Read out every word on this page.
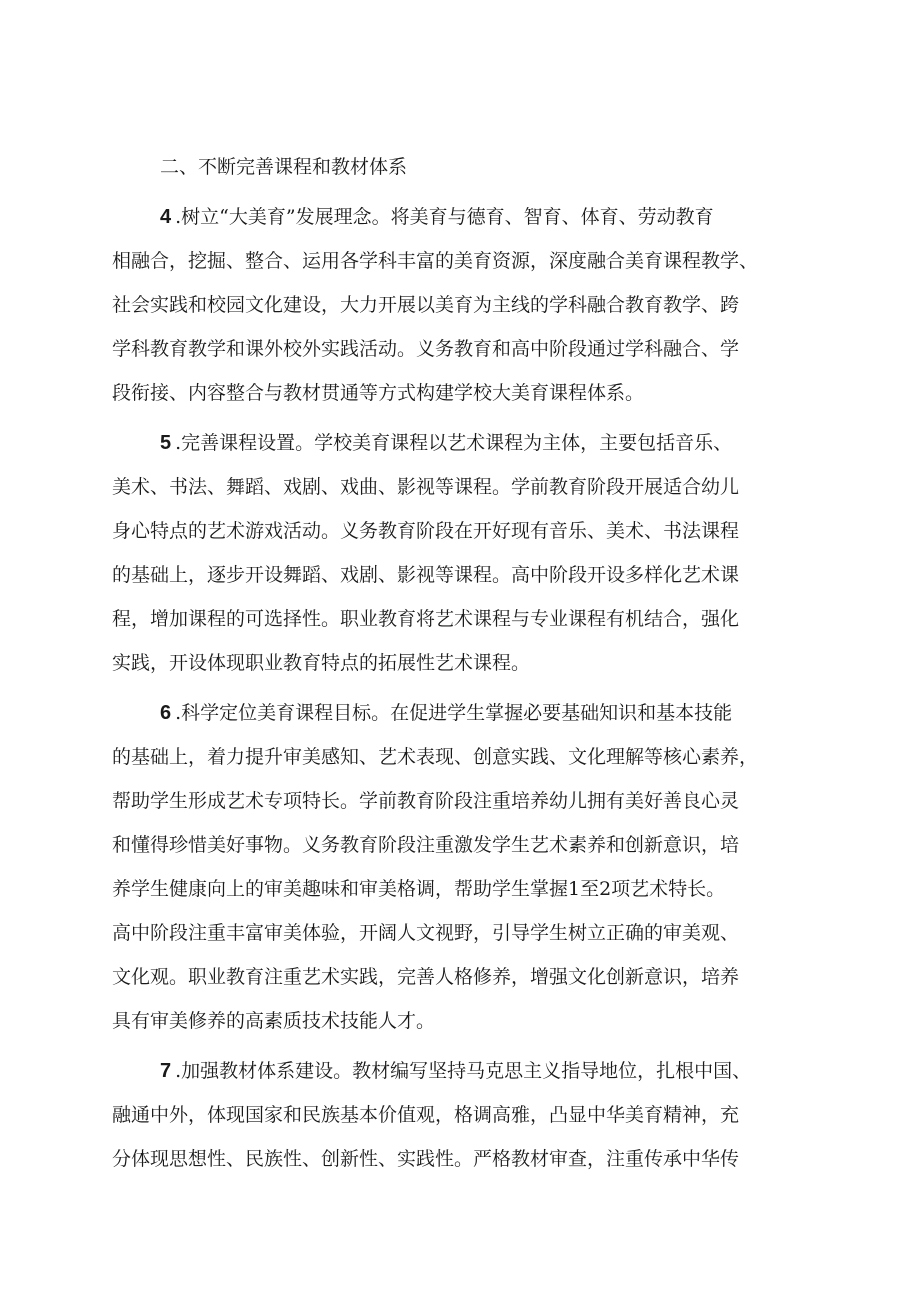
二、不断完善课程和教材体系
4 .树立“大美育”发展理念。将美育与德育、智育、体育、劳动教育
相融合，挖掘、整合、运用各学科丰富的美育资源，深度融合美育课程教学、
社会实践和校园文化建设，大力开展以美育为主线的学科融合教育教学、跨
学科教育教学和课外校外实践活动。义务教育和高中阶段通过学科融合、学
段衔接、内容整合与教材贯通等方式构建学校大美育课程体系。
5 .完善课程设置。学校美育课程以艺术课程为主体，主要包括音乐、
美术、书法、舞蹈、戏剧、戏曲、影视等课程。学前教育阶段开展适合幼儿
身心特点的艺术游戏活动。义务教育阶段在开好现有音乐、美术、书法课程
的基础上，逐步开设舞蹈、戏剧、影视等课程。高中阶段开设多样化艺术课
程，增加课程的可选择性。职业教育将艺术课程与专业课程有机结合，强化
实践，开设体现职业教育特点的拓展性艺术课程。
6 .科学定位美育课程目标。在促进学生掌握必要基础知识和基本技能
的基础上，着力提升审美感知、艺术表现、创意实践、文化理解等核心素养，
帮助学生形成艺术专项特长。学前教育阶段注重培养幼儿拥有美好善良心灵
和懂得珍惜美好事物。义务教育阶段注重激发学生艺术素养和创新意识，培
养学生健康向上的审美趣味和审美格调，帮助学生掌握1至2项艺术特长。
高中阶段注重丰富审美体验，开阔人文视野，引导学生树立正确的审美观、
文化观。职业教育注重艺术实践，完善人格修养，增强文化创新意识，培养
具有审美修养的高素质技术技能人才。
7 .加强教材体系建设。教材编写坚持马克思主义指导地位，扎根中国、
融通中外，体现国家和民族基本价值观，格调高雅，凸显中华美育精神，充
分体现思想性、民族性、创新性、实践性。严格教材审查，注重传承中华传
